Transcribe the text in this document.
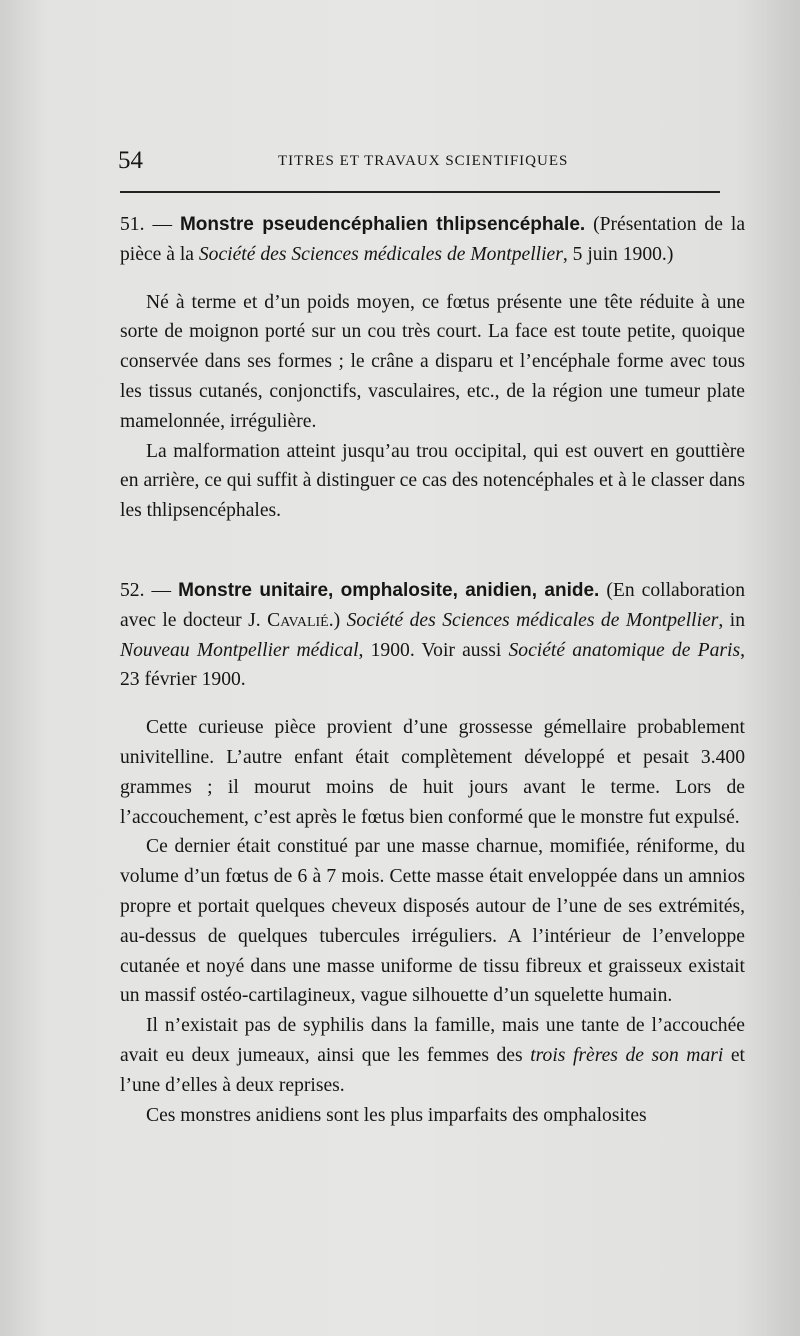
54	TITRES ET TRAVAUX SCIENTIFIQUES

51. — Monstre pseudencéphalien thlipsencéphale. (Présentation de la pièce à la Société des Sciences médicales de Montpellier, 5 juin 1900.)

Né à terme et d’un poids moyen, ce fœtus présente une tête réduite à une sorte de moignon porté sur un cou très court. La face est toute petite, quoique conservée dans ses formes ; le crâne a disparu et l’encéphale forme avec tous les tissus cutanés, conjonctifs, vasculaires, etc., de la région une tumeur plate mamelonnée, irrégulière.

La malformation atteint jusqu’au trou occipital, qui est ouvert en gouttière en arrière, ce qui suffit à distinguer ce cas des notencéphales et à le classer dans les thlipsencéphales.

52. — Monstre unitaire, omphalosite, anidien, anide. (En collaboration avec le docteur J. Cavalié.) Société des Sciences médicales de Montpellier, in Nouveau Montpellier médical, 1900. Voir aussi Société anatomique de Paris, 23 février 1900.

Cette curieuse pièce provient d’une grossesse gémellaire probablement univitelline. L’autre enfant était complètement développé et pesait 3.400 grammes ; il mourut moins de huit jours avant le terme. Lors de l’accouchement, c’est après le fœtus bien conformé que le monstre fut expulsé.

Ce dernier était constitué par une masse charnue, momifiée, réniforme, du volume d’un fœtus de 6 à 7 mois. Cette masse était enveloppée dans un amnios propre et portait quelques cheveux disposés autour de l’une de ses extrémités, au-dessus de quelques tubercules irréguliers. A l’intérieur de l’enveloppe cutanée et noyé dans une masse uniforme de tissu fibreux et graisseux existait un massif ostéo-cartilagineux, vague silhouette d’un squelette humain.

Il n’existait pas de syphilis dans la famille, mais une tante de l’accouchée avait eu deux jumeaux, ainsi que les femmes des trois frères de son mari et l’une d’elles à deux reprises.

Ces monstres anidiens sont les plus imparfaits des omphalosites
